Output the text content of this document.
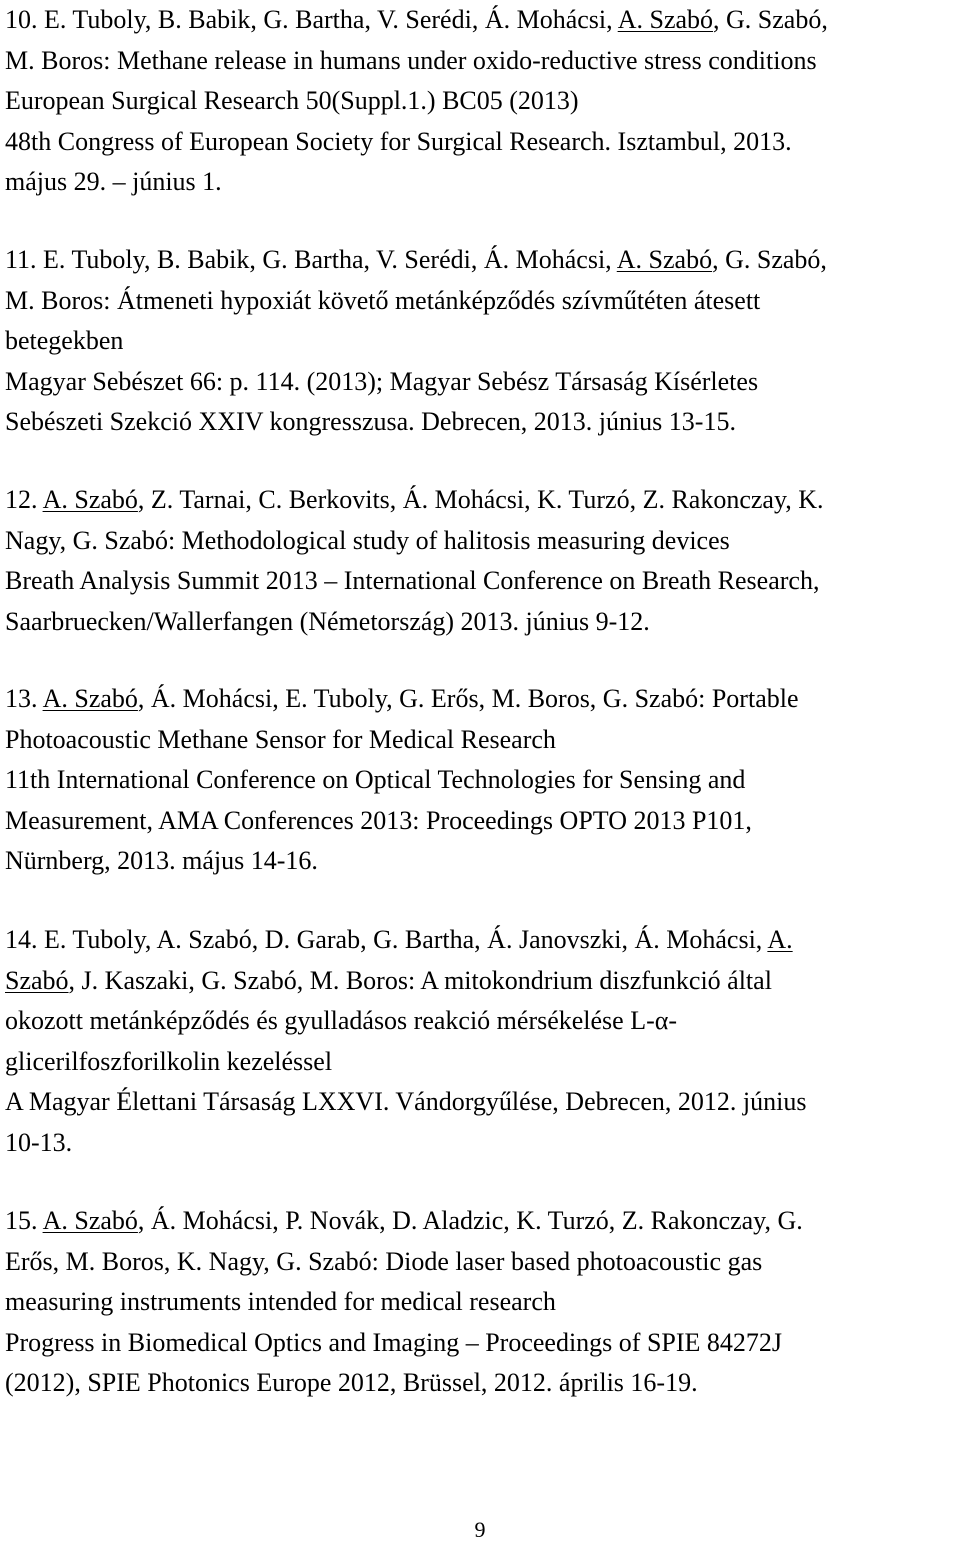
10. E. Tuboly, B. Babik, G. Bartha, V. Serédi, Á. Mohácsi, A. Szabó, G. Szabó,
M. Boros: Methane release in humans under oxido-reductive stress conditions
European Surgical Research 50(Suppl.1.) BC05 (2013)
48th Congress of European Society for Surgical Research. Isztambul, 2013.
május 29. – június 1.
11. E. Tuboly, B. Babik, G. Bartha, V. Serédi, Á. Mohácsi, A. Szabó, G. Szabó,
M. Boros: Átmeneti hypoxiát követő metánképződés szívműtéten átesett
betegekben
Magyar Sebészet 66: p. 114. (2013); Magyar Sebész Társaság Kísérletes
Sebészeti Szekció XXIV kongresszusa. Debrecen, 2013. június 13-15.
12. A. Szabó, Z. Tarnai, C. Berkovits, Á. Mohácsi, K. Turzó, Z. Rakonczay, K.
Nagy, G. Szabó: Methodological study of halitosis measuring devices
Breath Analysis Summit 2013 – International Conference on Breath Research,
Saarbruecken/Wallerfangen (Németország) 2013. június 9-12.
13. A. Szabó, Á. Mohácsi, E. Tuboly, G. Erős, M. Boros, G. Szabó: Portable
Photoacoustic Methane Sensor for Medical Research
11th International Conference on Optical Technologies for Sensing and
Measurement, AMA Conferences 2013: Proceedings OPTO 2013 P101,
Nürnberg, 2013. május 14-16.
14. E. Tuboly, A. Szabó, D. Garab, G. Bartha, Á. Janovszki, Á. Mohácsi, A.
Szabó, J. Kaszaki, G. Szabó, M. Boros: A mitokondrium diszfunkció által
okozott metánképződés és gyulladásos reakció mérsékelése L-α-
glicerilfoszforilkolin kezeléssel
A Magyar Élettani Társaság LXXVI. Vándorgyűlése, Debrecen, 2012. június
10-13.
15. A. Szabó, Á. Mohácsi, P. Novák, D. Aladzic, K. Turzó, Z. Rakonczay, G.
Erős, M. Boros, K. Nagy, G. Szabó: Diode laser based photoacoustic gas
measuring instruments intended for medical research
Progress in Biomedical Optics and Imaging – Proceedings of SPIE 84272J
(2012), SPIE Photonics Europe 2012, Brüssel, 2012. április 16-19.
9
